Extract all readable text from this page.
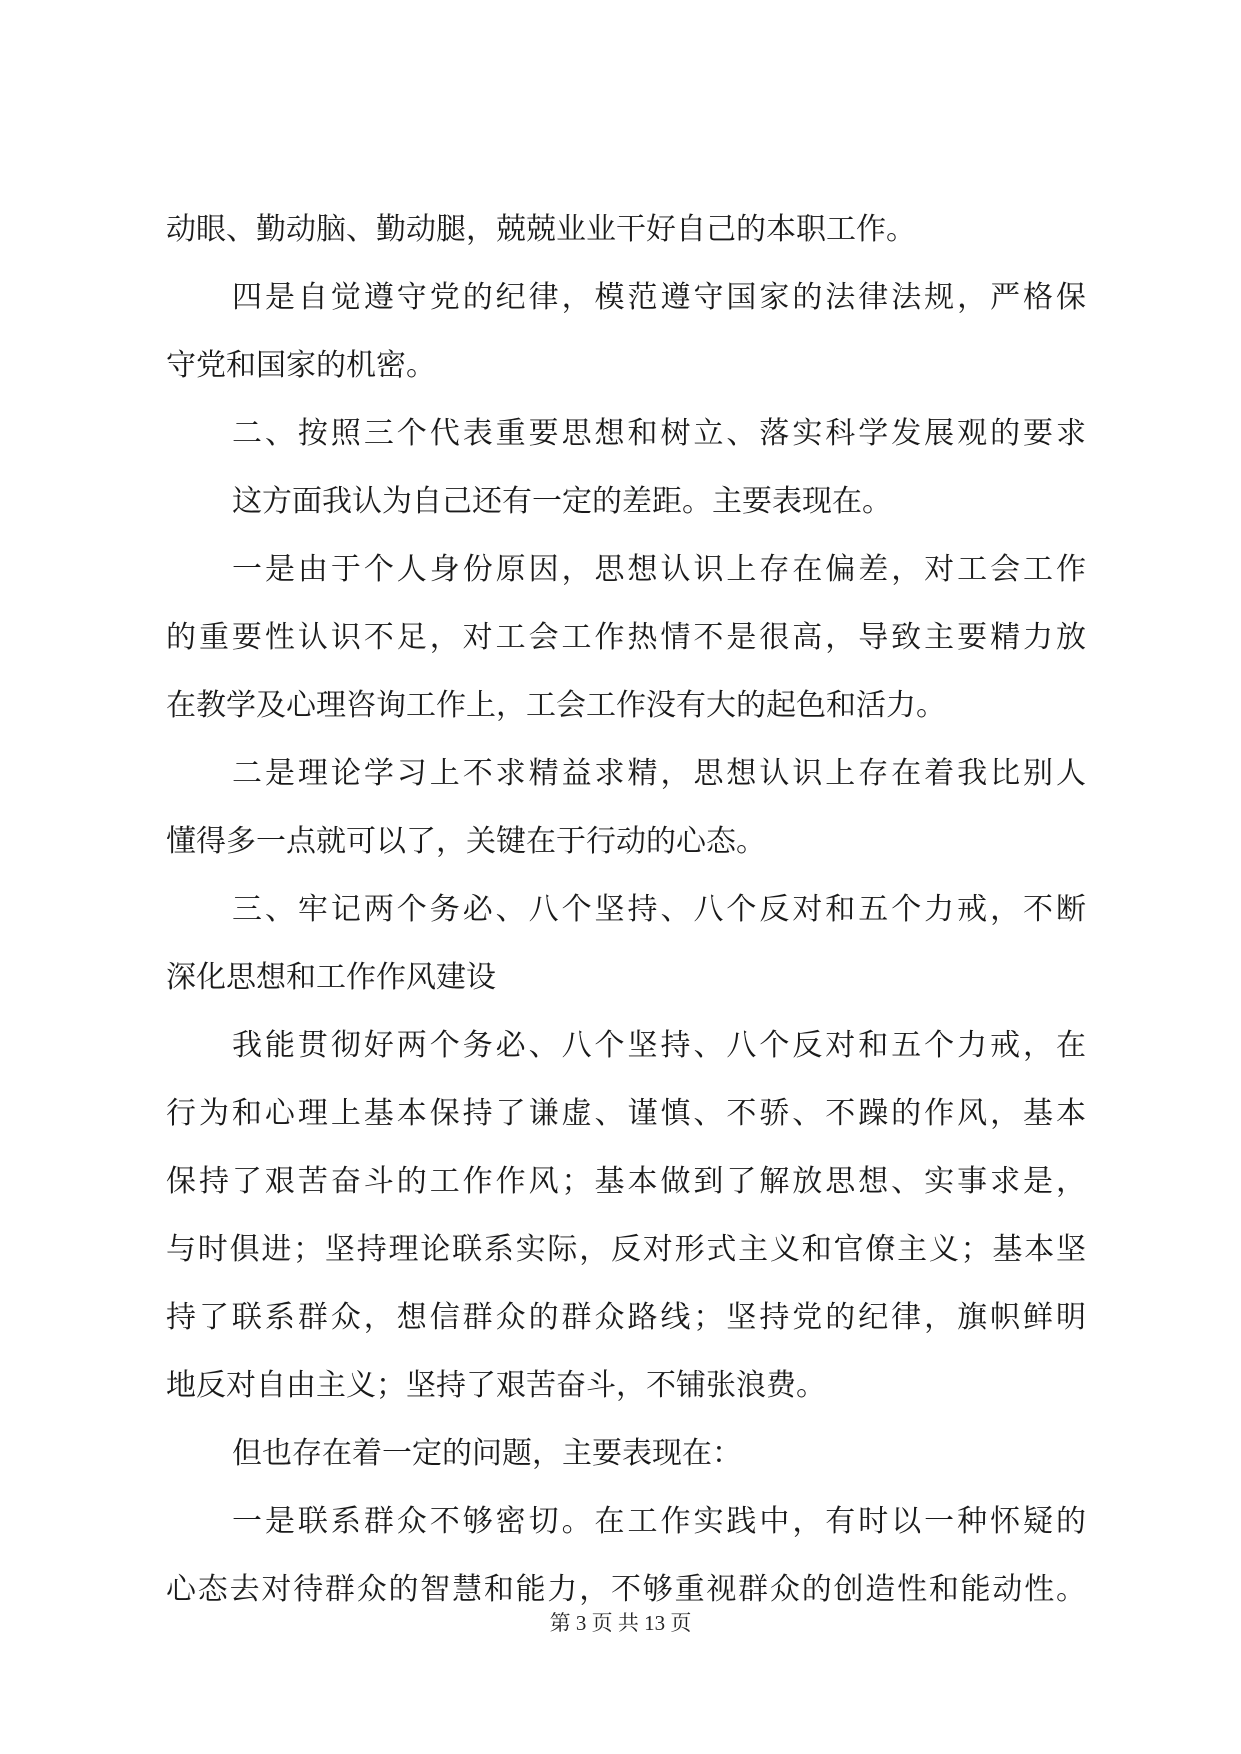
动眼、勤动脑、勤动腿，兢兢业业干好自己的本职工作。
四是自觉遵守党的纪律，模范遵守国家的法律法规，严格保
守党和国家的机密。
二、按照三个代表重要思想和树立、落实科学发展观的要求
这方面我认为自己还有一定的差距。主要表现在。
一是由于个人身份原因，思想认识上存在偏差，对工会工作
的重要性认识不足，对工会工作热情不是很高，导致主要精力放
在教学及心理咨询工作上，工会工作没有大的起色和活力。
二是理论学习上不求精益求精，思想认识上存在着我比别人
懂得多一点就可以了，关键在于行动的心态。
三、牢记两个务必、八个坚持、八个反对和五个力戒，不断
深化思想和工作作风建设
我能贯彻好两个务必、八个坚持、八个反对和五个力戒，在
行为和心理上基本保持了谦虚、谨慎、不骄、不躁的作风，基本
保持了艰苦奋斗的工作作风；基本做到了解放思想、实事求是，
与时俱进；坚持理论联系实际，反对形式主义和官僚主义；基本坚
持了联系群众，想信群众的群众路线；坚持党的纪律，旗帜鲜明
地反对自由主义；坚持了艰苦奋斗，不铺张浪费。
但也存在着一定的问题，主要表现在：
一是联系群众不够密切。在工作实践中，有时以一种怀疑的
心态去对待群众的智慧和能力，不够重视群众的创造性和能动性。
第 3 页 共 13 页
